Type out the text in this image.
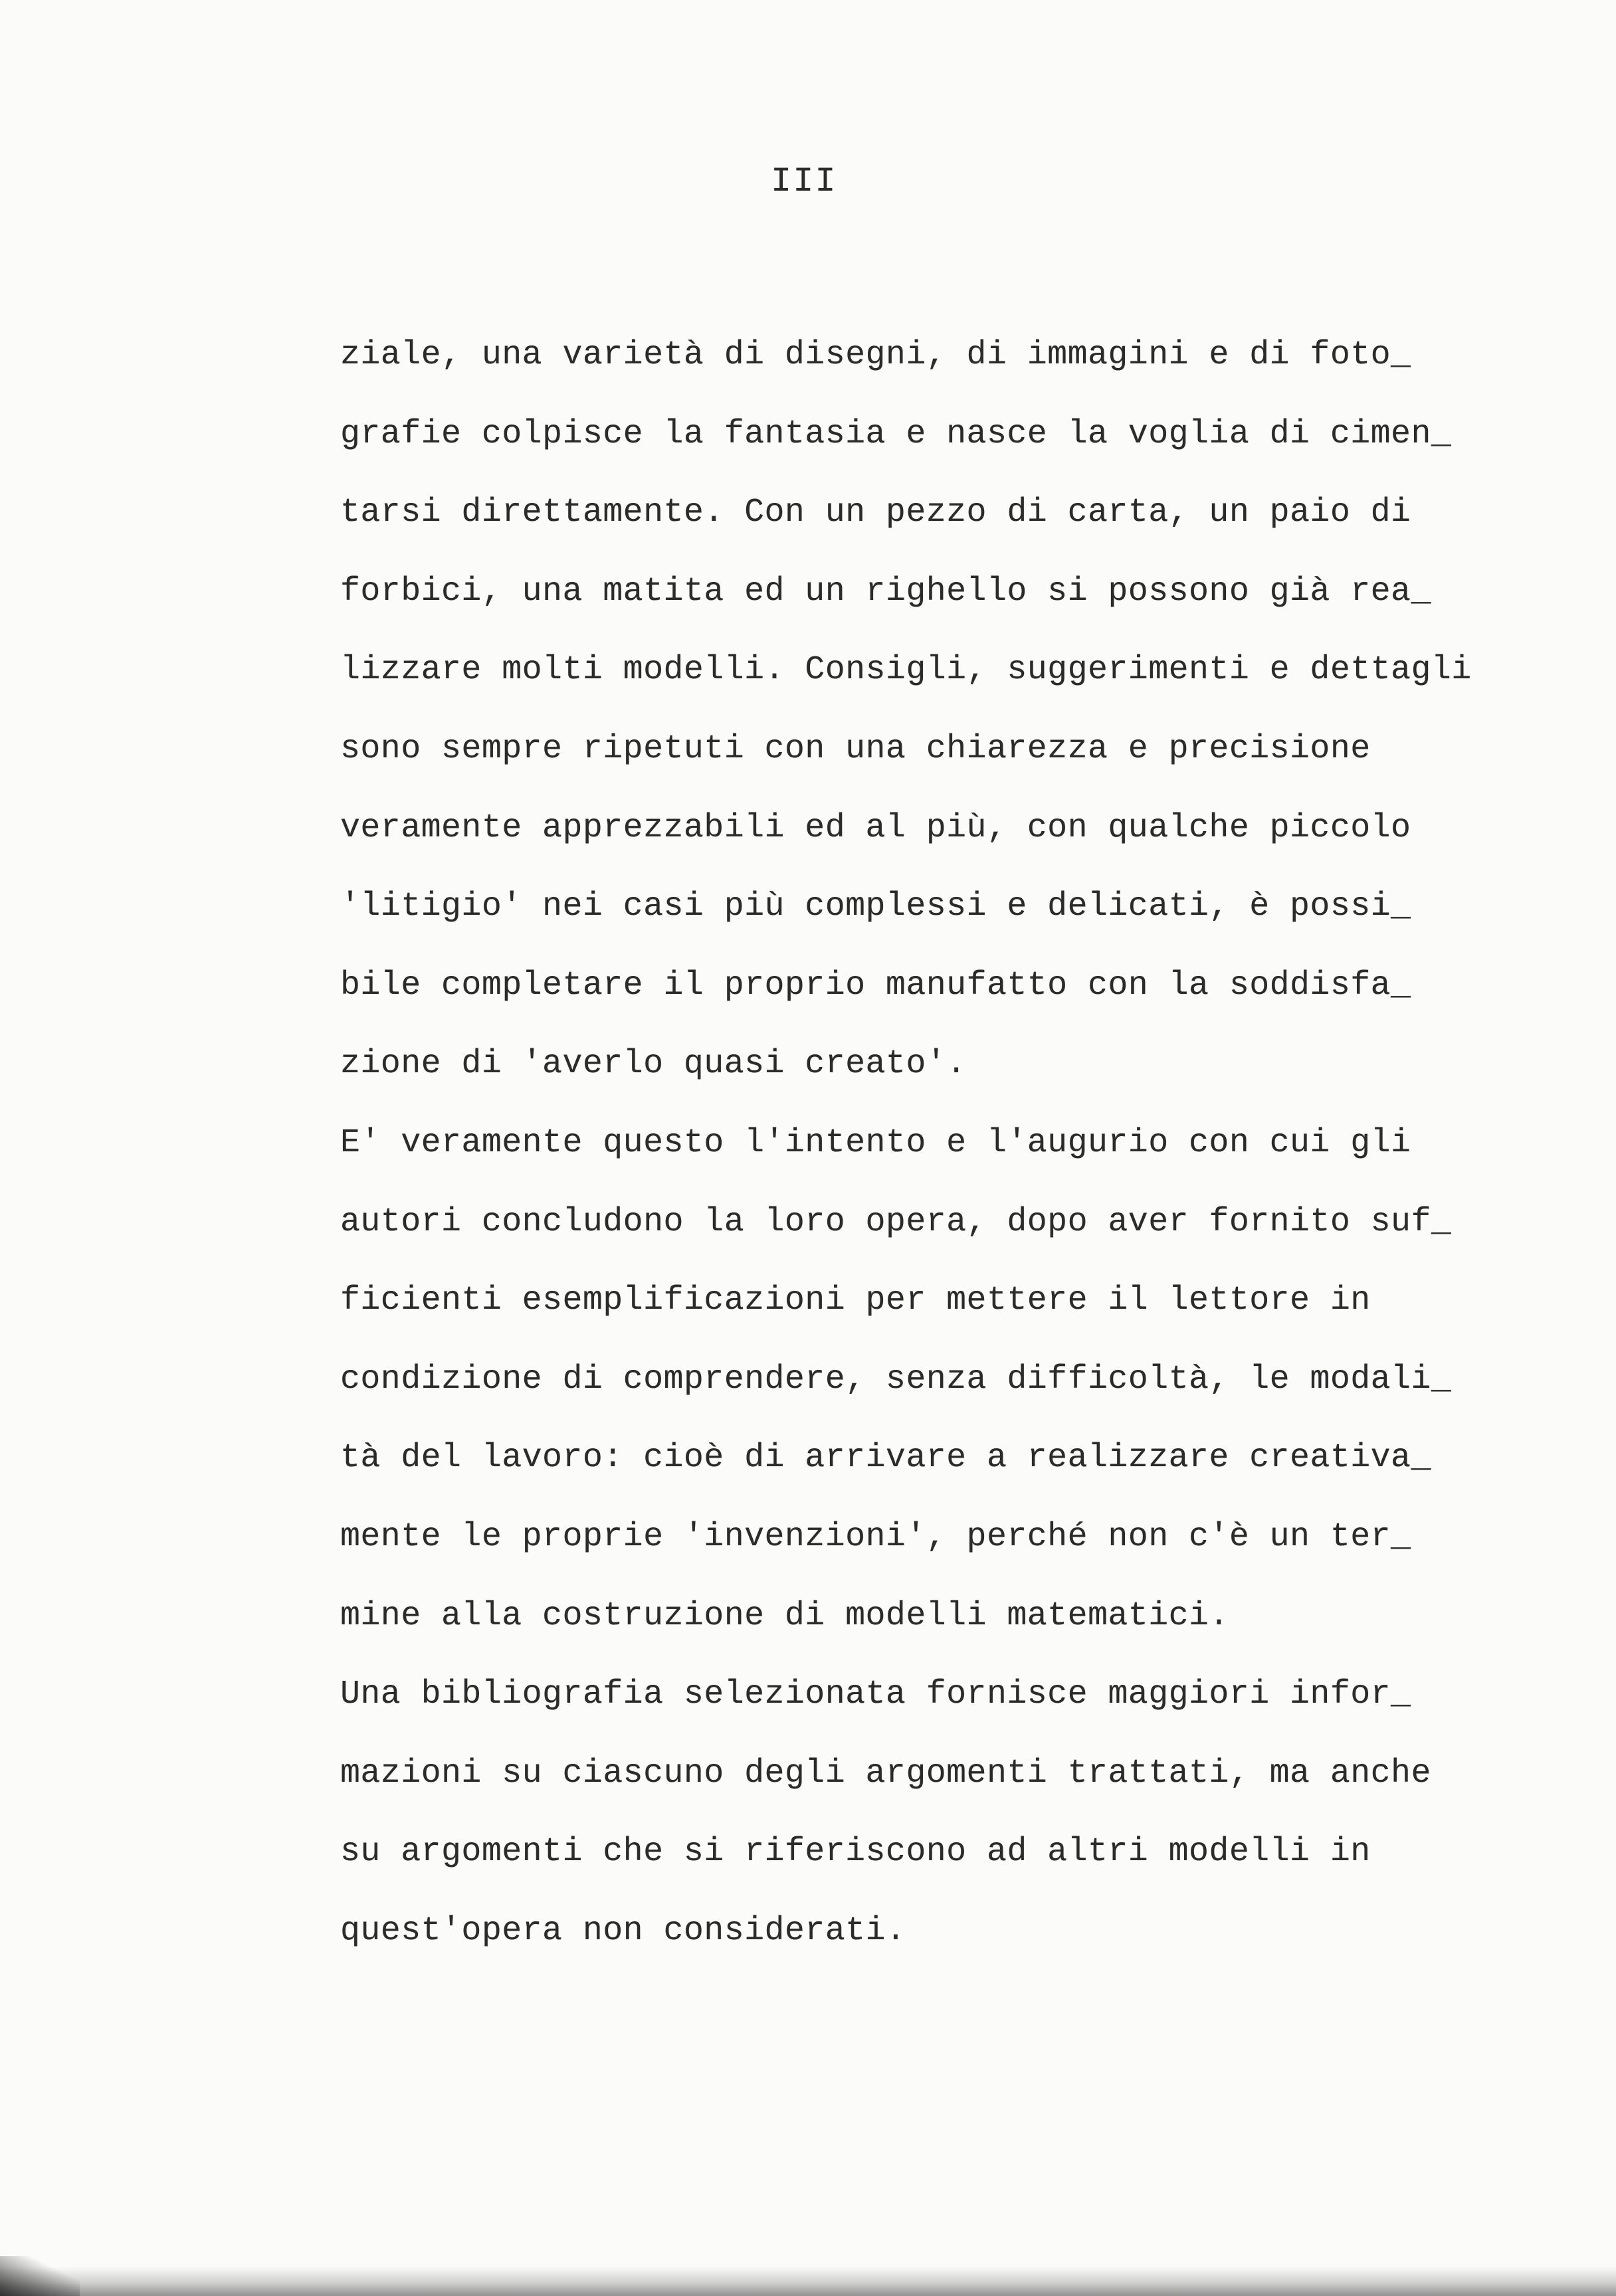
III
ziale, una varietà di disegni, di immagini e di foto_
grafie colpisce la fantasia e nasce la voglia di cimen_
tarsi direttamente. Con un pezzo di carta, un paio di
forbici, una matita ed un righello si possono già rea_
lizzare molti modelli. Consigli, suggerimenti e dettagli
sono sempre ripetuti con una chiarezza e precisione
veramente apprezzabili ed al più, con qualche piccolo
'litigio' nei casi più complessi e delicati, è possi_
bile completare il proprio manufatto con la soddisfa_
zione di 'averlo quasi creato'.
E' veramente questo l'intento e l'augurio con cui gli
autori concludono la loro opera, dopo aver fornito suf_
ficienti esemplificazioni per mettere il lettore in
condizione di comprendere, senza difficoltà, le modali_
tà del lavoro: cioè di arrivare a realizzare creativa_
mente le proprie 'invenzioni', perché non c'è un ter_
mine alla costruzione di modelli matematici.
Una bibliografia selezionata fornisce maggiori infor_
mazioni su ciascuno degli argomenti trattati, ma anche
su argomenti che si riferiscono ad altri modelli in
quest'opera non considerati.
